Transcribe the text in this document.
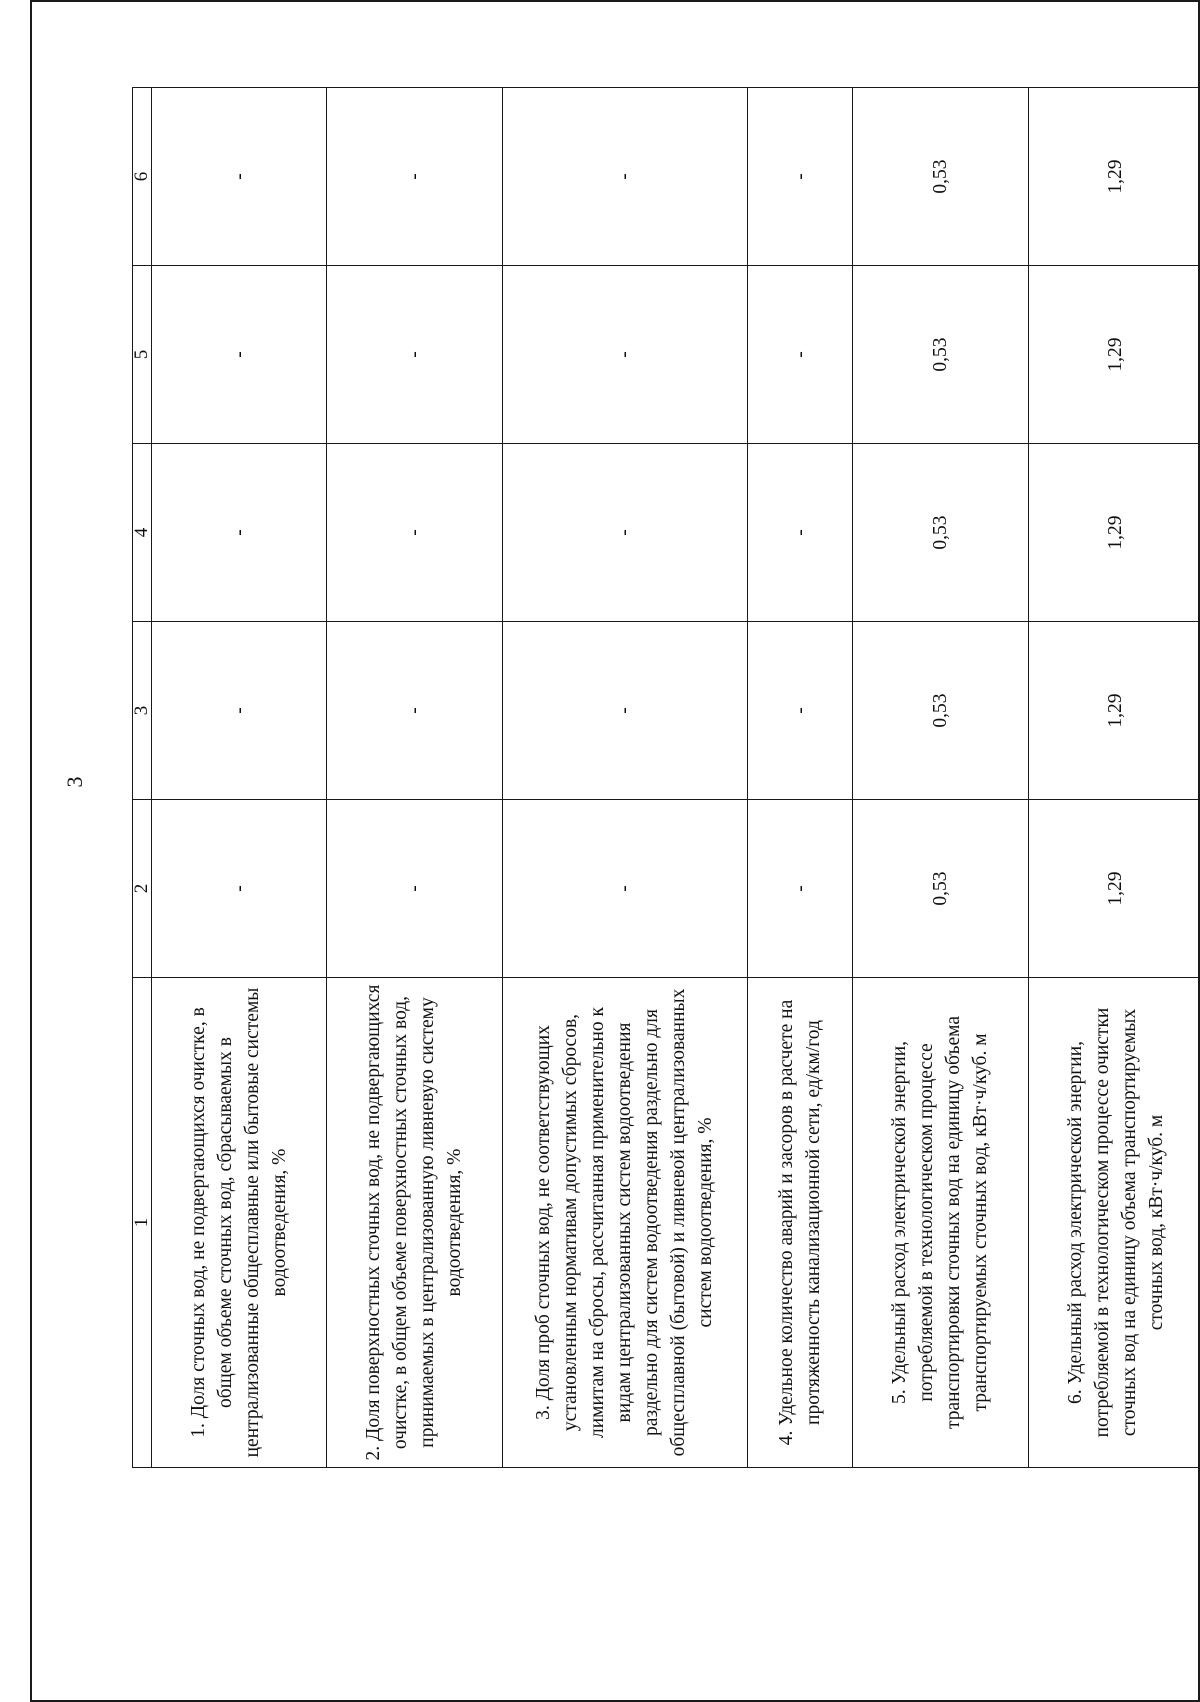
3
1	2	3	4	5	6
1. Доля сточных вод, не подвергающихся очистке, в общем объеме сточных вод, сбрасываемых в централизованные общесплавные или бытовые системы водоотведения, %	-	-	-	-	-
2. Доля поверхностных сточных вод, не подвергающихся очистке, в общем объеме поверхностных сточных вод, принимаемых в централизованную ливневую систему водоотведения, %	-	-	-	-	-
3. Доля проб сточных вод, не соответствующих установленным нормативам допустимых сбросов, лимитам на сбросы, рассчитанная применительно к видам централизованных систем водоотведения раздельно для систем водоотведения раздельно для общесплавной (бытовой) и ливневой централизованных систем водоотведения, %	-	-	-	-	-
4. Удельное количество аварий и засоров в расчете на протяженность канализационной сети, ед/км/год	-	-	-	-	-
5. Удельный расход электрической энергии, потребляемой в технологическом процессе транспортировки сточных вод на единицу объема транспортируемых сточных вод, кВт·ч/куб. м	0,53	0,53	0,53	0,53	0,53
6. Удельный расход электрической энергии, потребляемой в технологическом процессе очистки сточных вод на единицу объема транспортируемых сточных вод, кВт·ч/куб. м	1,29	1,29	1,29	1,29	1,29
